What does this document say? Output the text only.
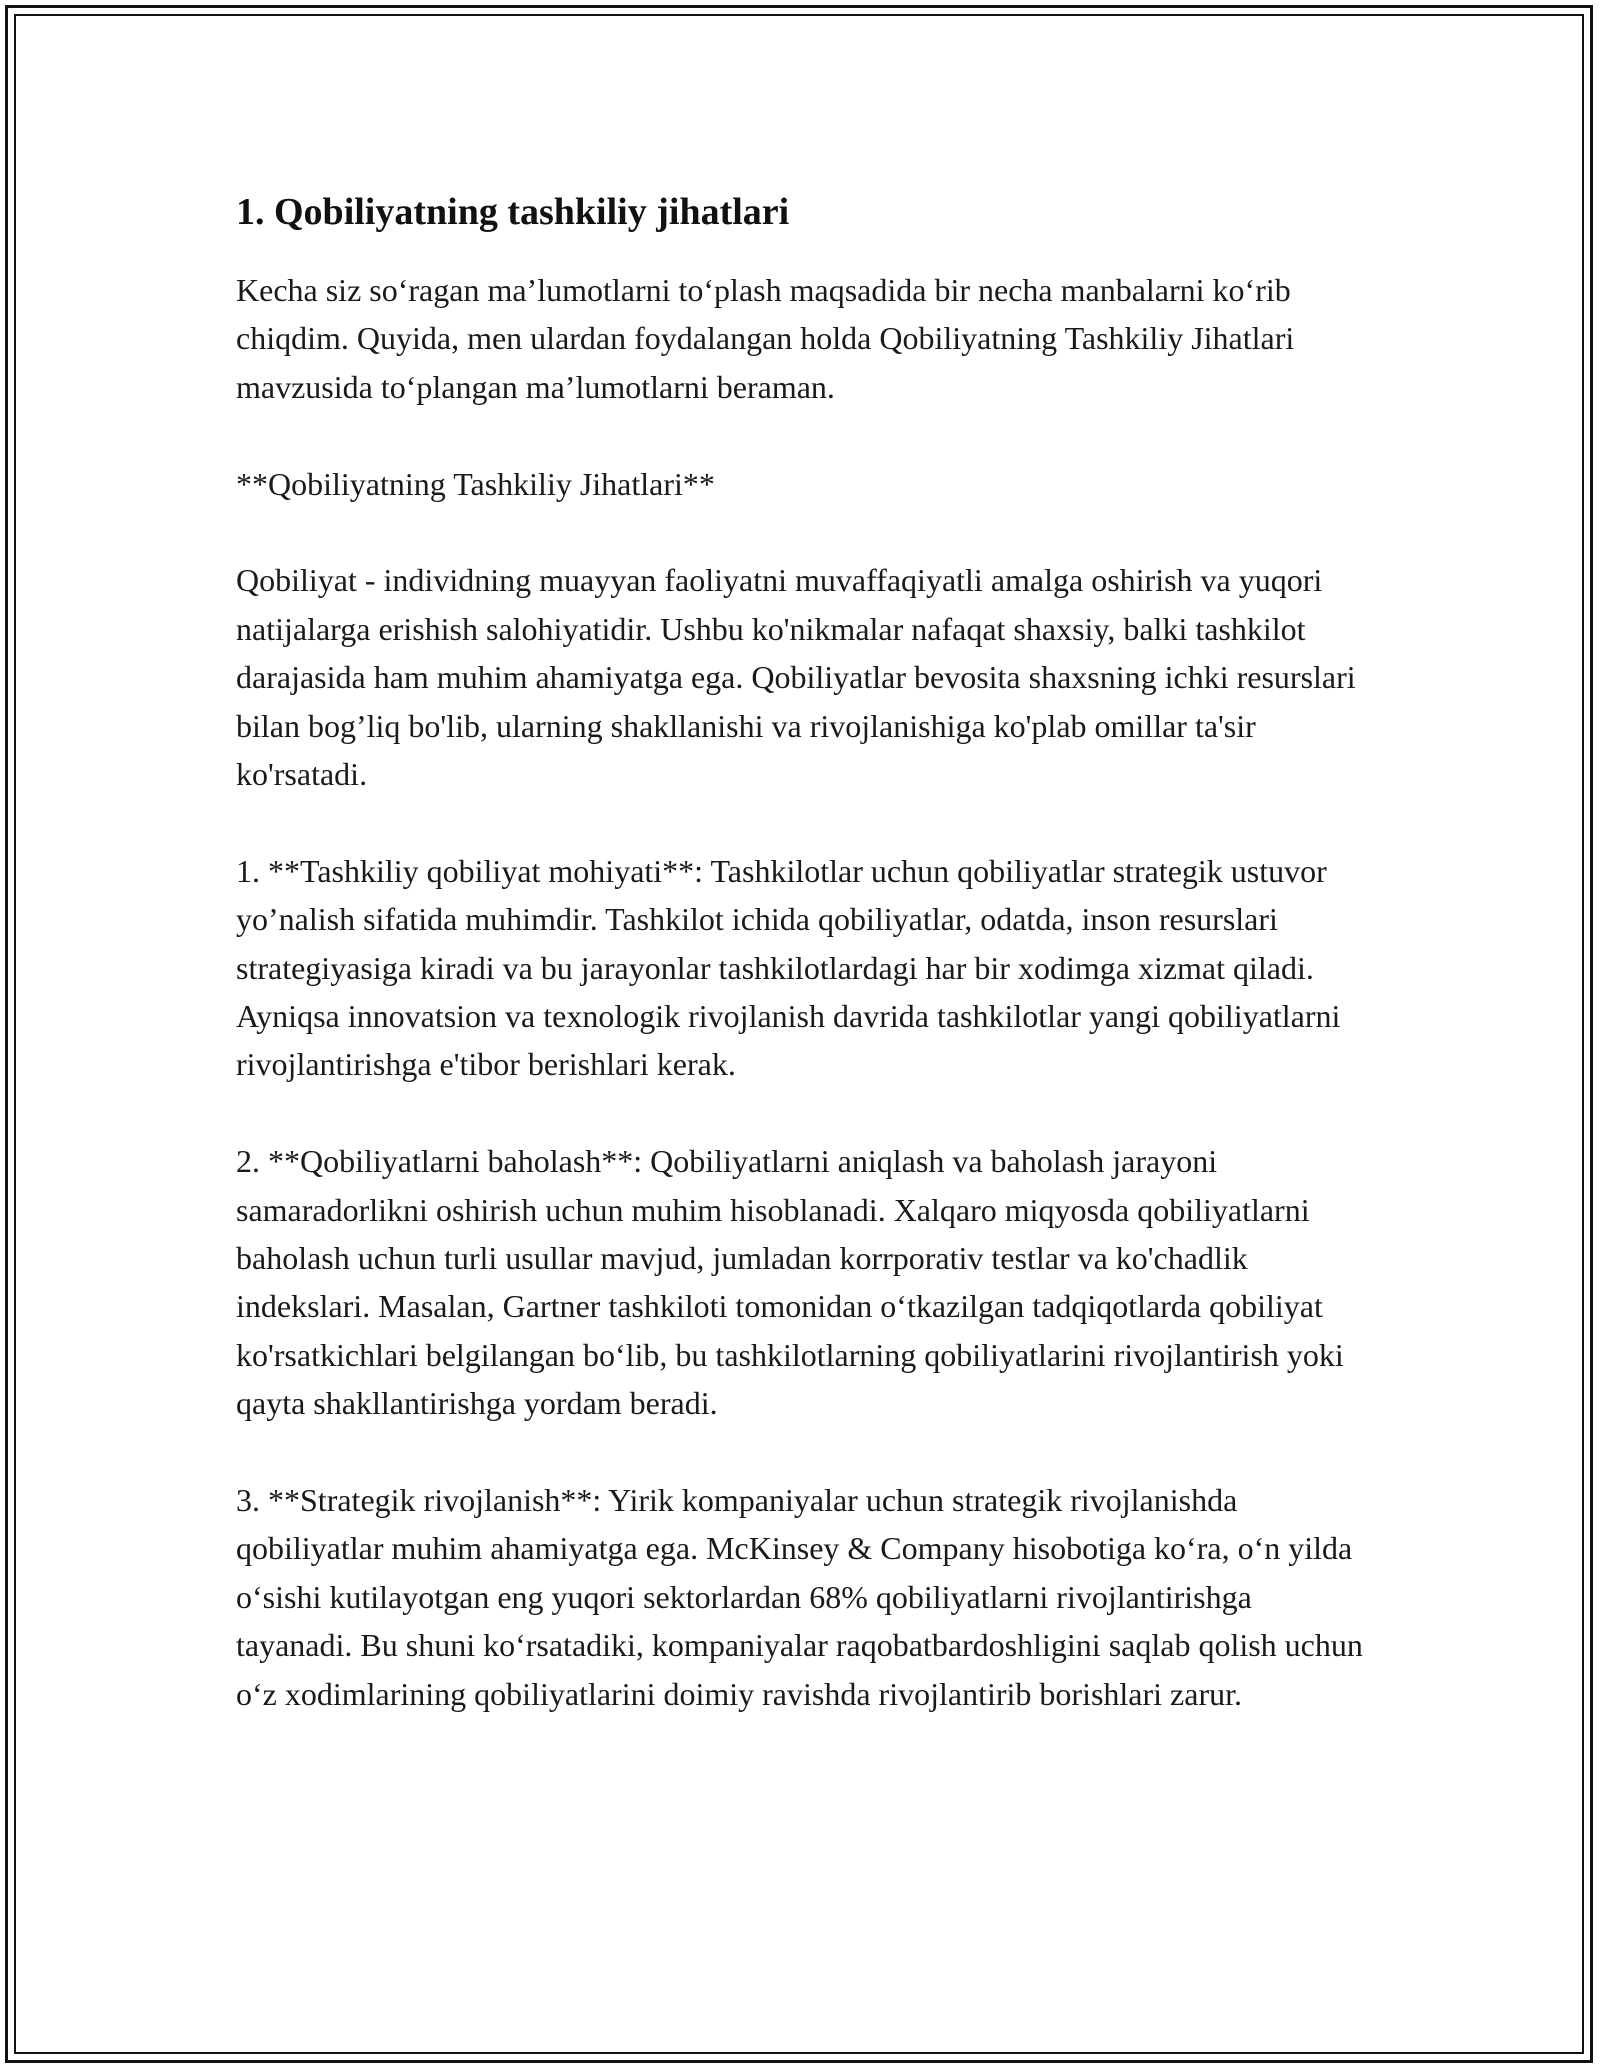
1. Qobiliyatning tashkiliy jihatlari

Kecha siz so‘ragan ma’lumotlarni to‘plash maqsadida bir necha manbalarni ko‘rib chiqdim. Quyida, men ulardan foydalangan holda Qobiliyatning Tashkiliy Jihatlari mavzusida to‘plangan ma’lumotlarni beraman.

**Qobiliyatning Tashkiliy Jihatlari**

Qobiliyat - individning muayyan faoliyatni muvaffaqiyatli amalga oshirish va yuqori natijalarga erishish salohiyatidir. Ushbu ko'nikmalar nafaqat shaxsiy, balki tashkilot darajasida ham muhim ahamiyatga ega. Qobiliyatlar bevosita shaxsning ichki resurslari bilan bog’liq bo'lib, ularning shakllanishi va rivojlanishiga ko'plab omillar ta'sir ko'rsatadi.

1. **Tashkiliy qobiliyat mohiyati**: Tashkilotlar uchun qobiliyatlar strategik ustuvor yo’nalish sifatida muhimdir. Tashkilot ichida qobiliyatlar, odatda, inson resurslari strategiyasiga kiradi va bu jarayonlar tashkilotlardagi har bir xodimga xizmat qiladi. Ayniqsa innovatsion va texnologik rivojlanish davrida tashkilotlar yangi qobiliyatlarni rivojlantirishga e'tibor berishlari kerak.

2. **Qobiliyatlarni baholash**: Qobiliyatlarni aniqlash va baholash jarayoni samaradorlikni oshirish uchun muhim hisoblanadi. Xalqaro miqyosda qobiliyatlarni baholash uchun turli usullar mavjud, jumladan korrporativ testlar va ko'chadlik indekslari. Masalan, Gartner tashkiloti tomonidan o‘tkazilgan tadqiqotlarda qobiliyat ko'rsatkichlari belgilangan bo‘lib, bu tashkilotlarning qobiliyatlarini rivojlantirish yoki qayta shakllantirishga yordam beradi.

3. **Strategik rivojlanish**: Yirik kompaniyalar uchun strategik rivojlanishda qobiliyatlar muhim ahamiyatga ega. McKinsey & Company hisobotiga ko‘ra, o‘n yilda o‘sishi kutilayotgan eng yuqori sektorlardan 68% qobiliyatlarni rivojlantirishga tayanadi. Bu shuni ko‘rsatadiki, kompaniyalar raqobatbardoshligini saqlab qolish uchun o‘z xodimlarining qobiliyatlarini doimiy ravishda rivojlantirib borishlari zarur.
